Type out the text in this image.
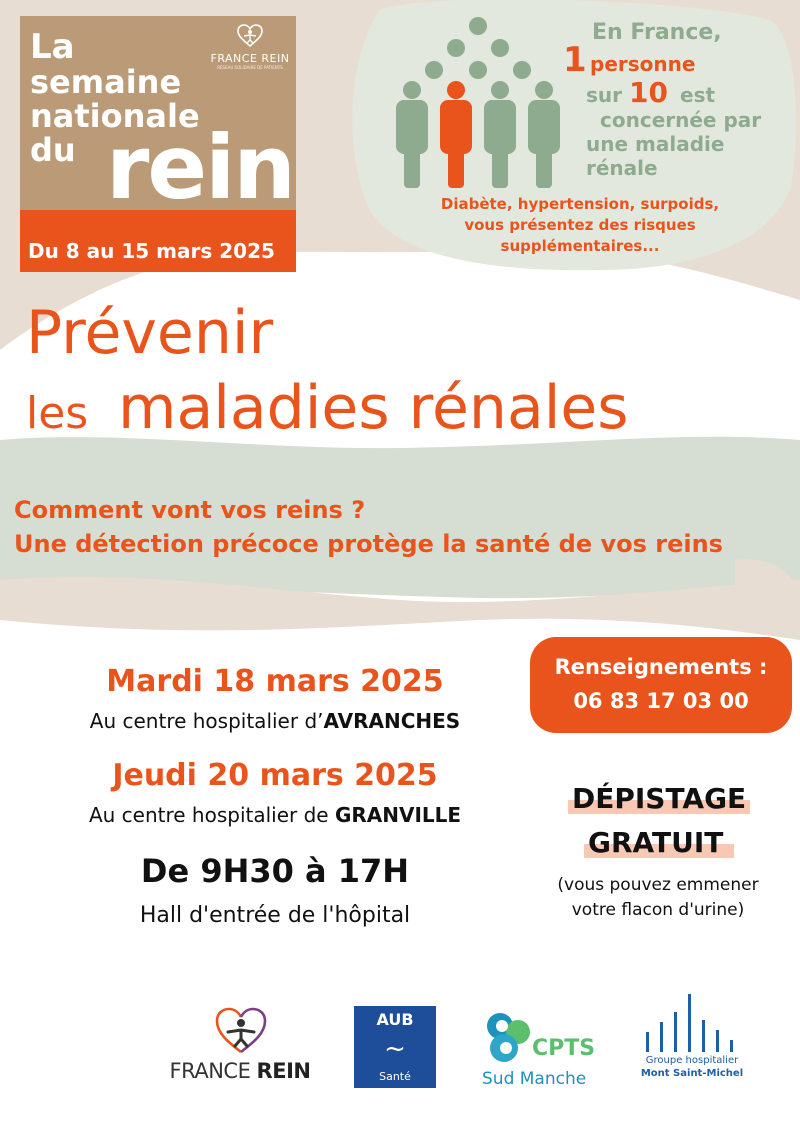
La
semaine
nationale
du rein
Du 8 au 15 mars 2025
FRANCE REIN
RÉSEAU SOLIDAIRE DE PATIENTS
En France,
1 personne
sur 10 est
concernée par
une maladie
rénale
Diabète, hypertension, surpoids,
vous présentez des risques
supplémentaires...
Prévenir
les maladies rénales
Comment vont vos reins ?
Une détection précoce protège la santé de vos reins
Mardi 18 mars 2025
Au centre hospitalier d’AVRANCHES
Jeudi 20 mars 2025
Au centre hospitalier de GRANVILLE
De 9H30 à 17H
Hall d'entrée de l'hôpital
Renseignements :
06 83 17 03 00
DÉPISTAGE
GRATUIT
(vous pouvez emmener
votre flacon d'urine)
FRANCE REIN
AUB
~
Santé
CPTS
Sud Manche
Groupe hospitalier
Mont Saint-Michel
